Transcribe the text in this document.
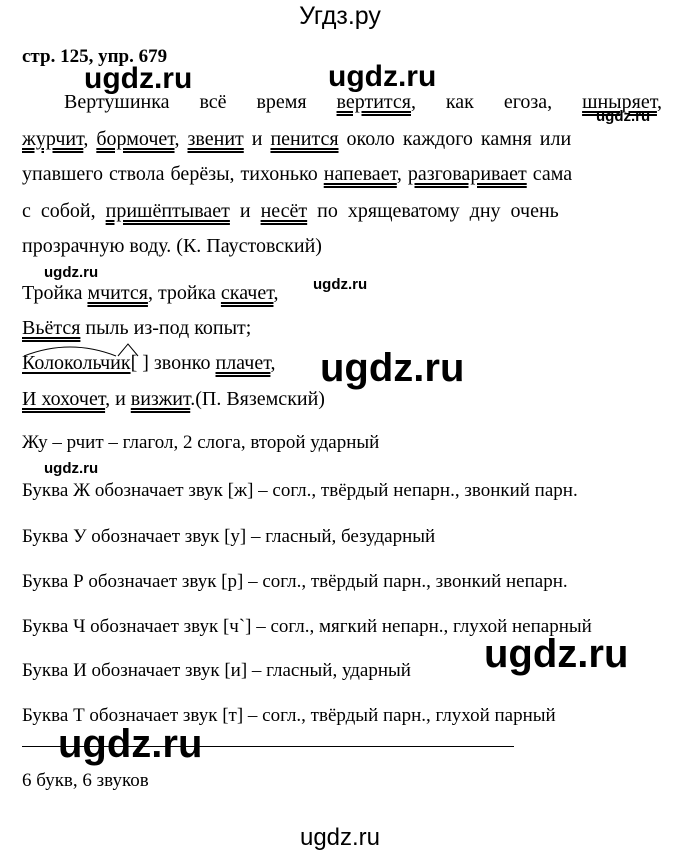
Угдз.ру
стр. 125, упр. 679
Вертушинка всё время вертится, как егоза, шныряет,
журчит, бормочет, звенит и пенится около каждого камня или
упавшего ствола берёзы, тихонько напевает, разговаривает сама
с собой, пришёптывает и несёт по хрящеватому дну очень
прозрачную воду. (К. Паустовский)
Тройка мчится, тройка скачет,
Вьётся пыль из-под копыт;
Колокольчик[ ] звонко плачет,
И хохочет, и визжит.(П. Вяземский)
Жу – рчит – глагол, 2 слога, второй ударный
Буква Ж обозначает звук [ж] – согл., твёрдый непарн., звонкий парн.
Буква У обозначает звук [у] – гласный, безударный
Буква Р обозначает звук [р] – согл., твёрдый парн., звонкий непарн.
Буква Ч обозначает звук [ч`] – согл., мягкий непарн., глухой непарный
Буква И обозначает звук [и] – гласный, ударный
Буква Т обозначает звук [т] – согл., твёрдый парн., глухой парный
6 букв, 6 звуков
ugdz.ru	ugdz.ru
ugdz.ru
ugdz.ru
ugdz.ru
ugdz.ru
ugdz.ru
ugdz.ru
ugdz.ru
ugdz.ru
